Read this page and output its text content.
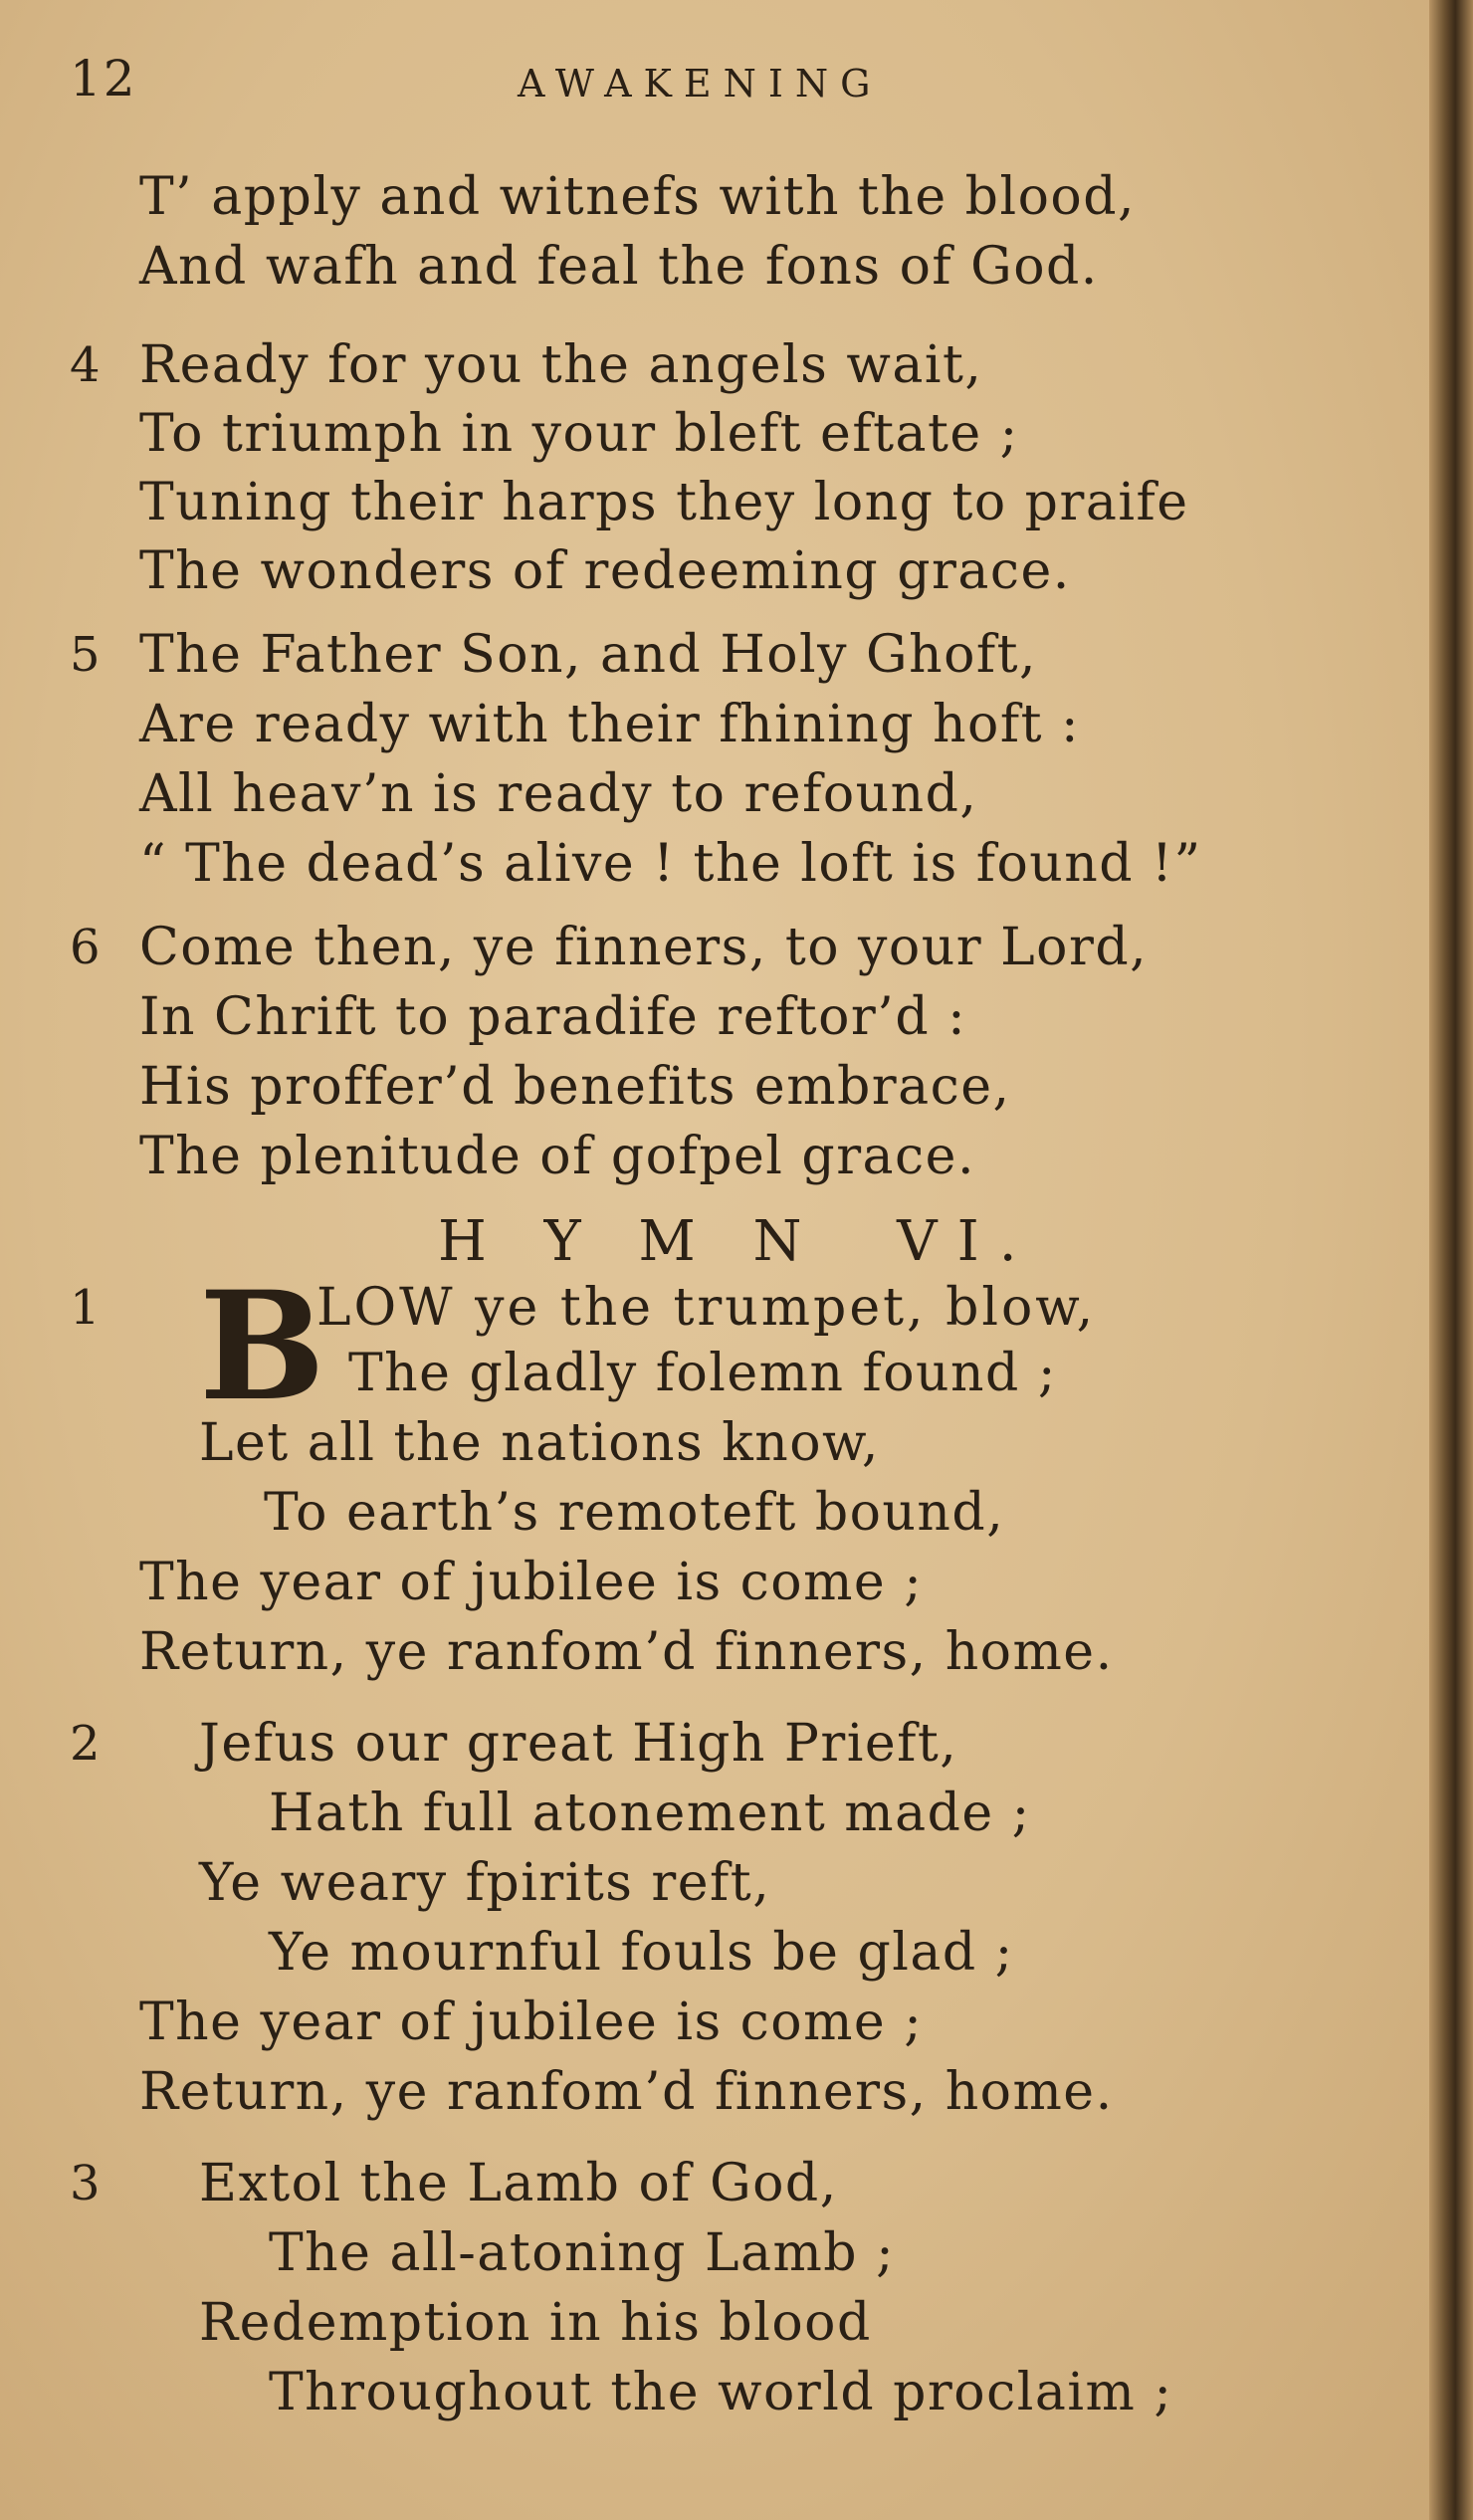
12	AWAKENING
T’ apply and witnefs with the blood,
And wafh and feal the fons of God.
4 Ready for you the angels wait,
To triumph in your bleft eftate ;
Tuning their harps they long to praife
The wonders of redeeming grace.
5 The Father Son, and Holy Ghoft,
Are ready with their fhining hoft :
All heav’n is ready to refound,
“ The dead’s alive ! the loft is found !”
6 Come then, ye finners, to your Lord,
In Chrift to paradife reftor’d :
His proffer’d benefits embrace,
The plenitude of gofpel grace.
H Y M N  VI.
1 B
LOW ye the trumpet, blow,
The gladly folemn found ;
Let all the nations know,
To earth’s remoteft bound,
The year of jubilee is come ;
Return, ye ranfom’d finners, home.
2 Jefus our great High Prieft,
Hath full atonement made ;
Ye weary fpirits reft,
Ye mournful fouls be glad ;
The year of jubilee is come ;
Return, ye ranfom’d finners, home.
3 Extol the Lamb of God,
The all-atoning Lamb ;
Redemption in his blood
Throughout the world proclaim ;
